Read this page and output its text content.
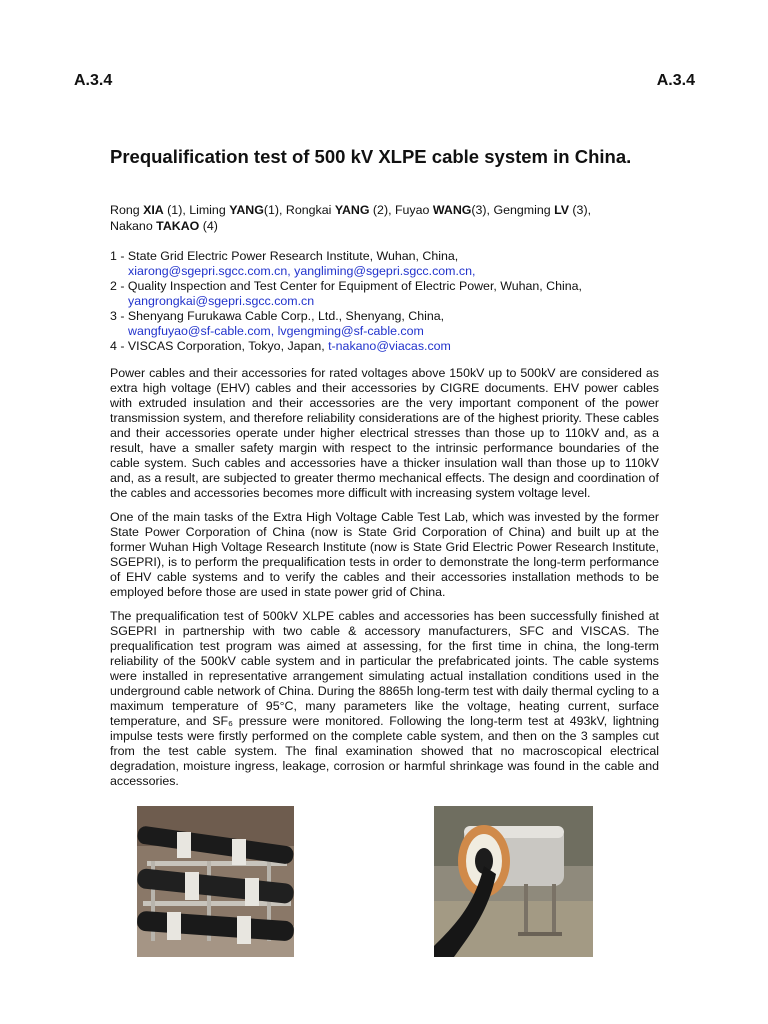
A.3.4	A.3.4
Prequalification test of 500 kV XLPE cable system in China.
Rong XIA (1), Liming YANG(1), Rongkai YANG (2), Fuyao WANG(3), Gengming LV (3),
Nakano TAKAO (4)
1 - State Grid Electric Power Research Institute, Wuhan, China,
xiarong@sgepri.sgcc.com.cn, yangliming@sgepri.sgcc.com.cn,
2 - Quality Inspection and Test Center for Equipment of Electric Power, Wuhan, China,
yangrongkai@sgepri.sgcc.com.cn
3 - Shenyang Furukawa Cable Corp., Ltd., Shenyang, China,
wangfuyao@sf-cable.com, lvgengming@sf-cable.com
4 - VISCAS Corporation, Tokyo, Japan, t-nakano@viacas.com

Power cables and their accessories for rated voltages above 150kV up to 500kV are considered as extra high voltage (EHV) cables and their accessories by CIGRE documents. EHV power cables with extruded insulation and their accessories are the very important component of the power transmission system, and therefore reliability considerations are of the highest priority. These cables and their accessories operate under higher electrical stresses than those up to 110kV and, as a result, have a smaller safety margin with respect to the intrinsic performance boundaries of the cable system. Such cables and accessories have a thicker insulation wall than those up to 110kV and, as a result, are subjected to greater thermo mechanical effects. The design and coordination of the cables and accessories becomes more difficult with increasing system voltage level.

One of the main tasks of the Extra High Voltage Cable Test Lab, which was invested by the former State Power Corporation of China (now is State Grid Corporation of China) and built up at the former Wuhan High Voltage Research Institute (now is State Grid Electric Power Research Institute, SGEPRI), is to perform the prequalification tests in order to demonstrate the long-term performance of EHV cable systems and to verify the cables and their accessories installation methods to be employed before those are used in state power grid of China.

The prequalification test of 500kV XLPE cables and accessories has been successfully finished at SGEPRI in partnership with two cable & accessory manufacturers, SFC and VISCAS. The prequalification test program was aimed at assessing, for the first time in china, the long-term reliability of the 500kV cable system and in particular the prefabricated joints. The cable systems were installed in representative arrangement simulating actual installation conditions used in the underground cable network of China. During the 8865h long-term test with daily thermal cycling to a maximum temperature of 95°C, many parameters like the voltage, heating current, surface temperature, and SF₆ pressure were monitored. Following the long-term test at 493kV, lightning impulse tests were firstly performed on the complete cable system, and then on the 3 samples cut from the test cable system. The final examination showed that no macroscopical electrical degradation, moisture ingress, leakage, corrosion or harmful shrinkage was found in the cable and accessories.
